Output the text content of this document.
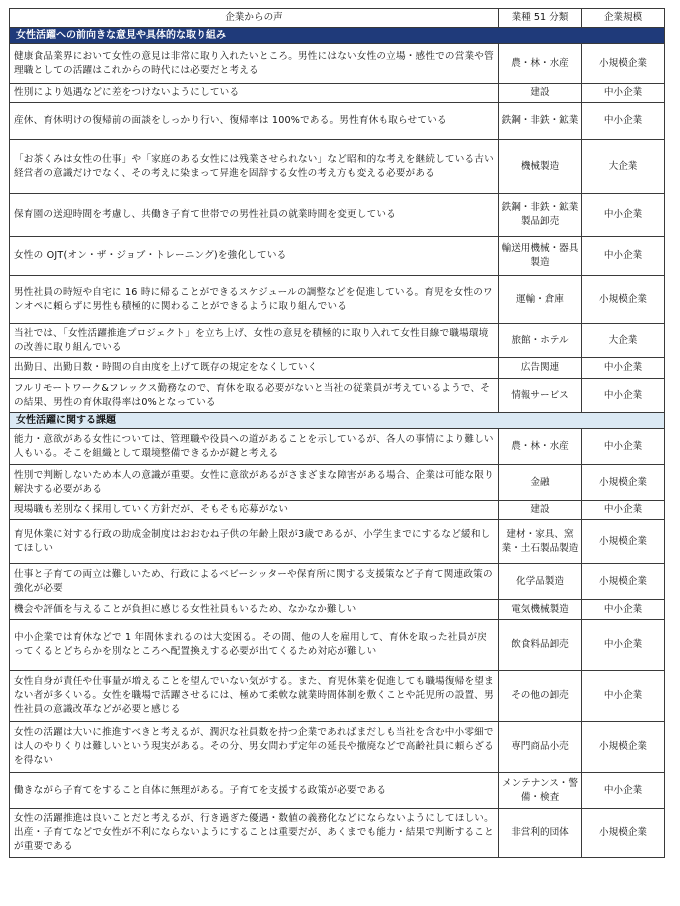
企業からの声	業種 51 分類	企業規模
女性活躍への前向きな意見や具体的な取り組み		
健康食品業界において女性の意見は非常に取り入れたいところ。男性にはない女性の立場・感性での営業や管理職としての活躍はこれからの時代には必要だと考える	農・林・水産	小規模企業
性別により処遇などに差をつけないようにしている	建設	中小企業
産休、育休明けの復帰前の面談をしっかり行い、復帰率は 100%である。男性育休も取らせている	鉄鋼・非鉄・鉱業	中小企業
「お茶くみは女性の仕事」や「家庭のある女性には残業させられない」など昭和的な考えを継続している古い経営者の意識だけでなく、その考えに染まって昇進を固辞する女性の考え方も変える必要がある	機械製造	大企業
保育園の送迎時間を考慮し、共働き子育て世帯での男性社員の就業時間を変更している	鉄鋼・非鉄・鉱業製品卸売	中小企業
女性の OJT(オン・ザ・ジョブ・トレーニング)を強化している	輸送用機械・器具製造	中小企業
男性社員の時短や自宅に 16 時に帰ることができるスケジュールの調整などを促進している。育児を女性のワンオペに頼らずに男性も積極的に関わることができるように取り組んでいる	運輸・倉庫	小規模企業
当社では、「女性活躍推進プロジェクト」を立ち上げ、女性の意見を積極的に取り入れて女性目線で職場環境の改善に取り組んでいる	旅館・ホテル	大企業
出勤日、出勤日数・時間の自由度を上げて既存の規定をなくしていく	広告関連	中小企業
フルリモートワーク&フレックス勤務なので、育休を取る必要がないと当社の従業員が考えているようで、その結果、男性の育休取得率は0%となっている	情報サービス	中小企業
女性活躍に関する課題		
能力・意欲がある女性については、管理職や役員への道があることを示しているが、各人の事情により難しい人もいる。そこを組織として環境整備できるかが鍵と考える	農・林・水産	中小企業
性別で判断しないため本人の意識が重要。女性に意欲があるがさまざまな障害がある場合、企業は可能な限り解決する必要がある	金融	小規模企業
現場職も差別なく採用していく方針だが、そもそも応募がない	建設	中小企業
育児休業に対する行政の助成金制度はおおむね子供の年齢上限が3歳であるが、小学生までにするなど緩和してほしい	建材・家具、窯業・土石製品製造	小規模企業
仕事と子育ての両立は難しいため、行政によるベビーシッターや保育所に関する支援策など子育て関連政策の強化が必要	化学品製造	小規模企業
機会や評価を与えることが負担に感じる女性社員もいるため、なかなか難しい	電気機械製造	中小企業
中小企業では育休などで 1 年間休まれるのは大変困る。その間、他の人を雇用して、育休を取った社員が戻ってくるとどちらかを別なところへ配置換えする必要が出てくるため対応が難しい	飲食料品卸売	中小企業
女性自身が責任や仕事量が増えることを望んでいない気がする。また、育児休業を促進しても職場復帰を望まない者が多くいる。女性を職場で活躍させるには、極めて柔軟な就業時間体制を敷くことや託児所の設置、男性社員の意識改革などが必要と感じる	その他の卸売	中小企業
女性の活躍は大いに推進すべきと考えるが、潤沢な社員数を持つ企業であればまだしも当社を含む中小零細では人のやりくりは難しいという現実がある。その分、男女問わず定年の延長や撤廃などで高齢社員に頼らざるを得ない	専門商品小売	小規模企業
働きながら子育てをすること自体に無理がある。子育てを支援する政策が必要である	メンテナンス・警備・検査	中小企業
女性の活躍推進は良いことだと考えるが、行き過ぎた優遇・数値の義務化などにならないようにしてほしい。出産・子育てなどで女性が不利にならないようにすることは重要だが、あくまでも能力・結果で判断することが重要である	非営利的団体	小規模企業
